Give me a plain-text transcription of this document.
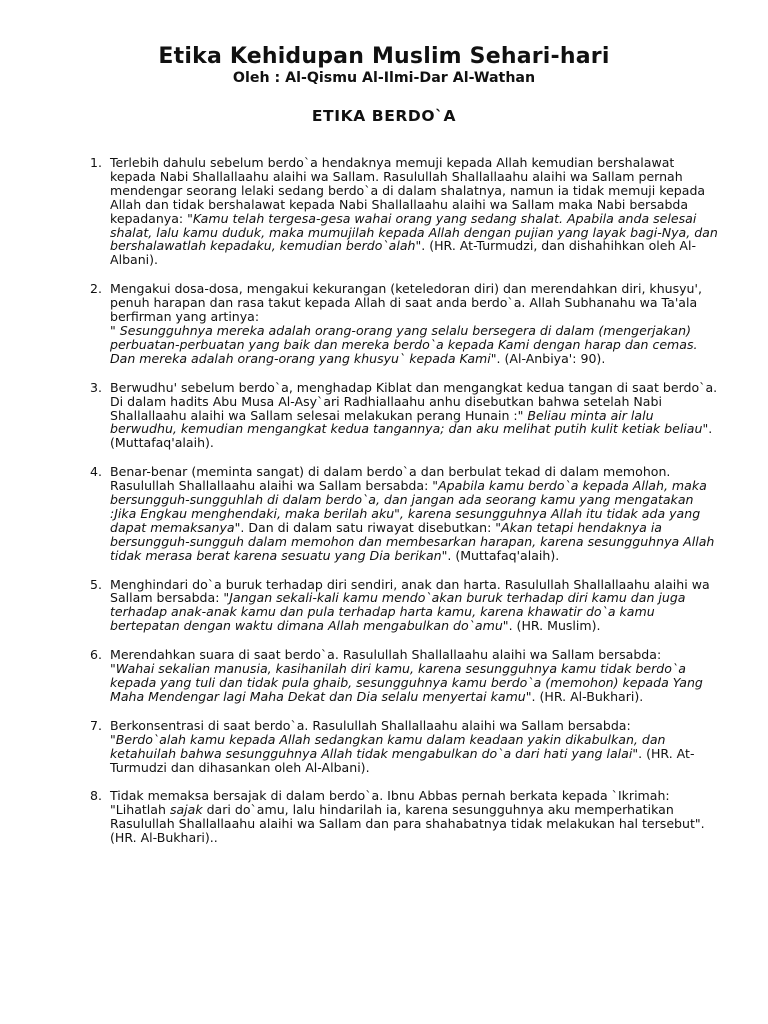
Etika Kehidupan Muslim Sehari-hari
Oleh : Al-Qismu Al-Ilmi-Dar Al-Wathan
ETIKA BERDO`A
1. Terlebih dahulu sebelum berdo`a hendaknya memuji kepada Allah kemudian bershalawat kepada Nabi Shallallaahu alaihi wa Sallam. Rasulullah Shallallaahu alaihi wa Sallam pernah mendengar seorang lelaki sedang berdo`a di dalam shalatnya, namun ia tidak memuji kepada Allah dan tidak bershalawat kepada Nabi Shallallaahu alaihi wa Sallam maka Nabi bersabda kepadanya: "Kamu telah tergesa-gesa wahai orang yang sedang shalat. Apabila anda selesai shalat, lalu kamu duduk, maka mumujilah kepada Allah dengan pujian yang layak bagi-Nya, dan bershalawatlah kepadaku, kemudian berdo`alah". (HR. At-Turmudzi, dan dishahihkan oleh Al-Albani).
2. Mengakui dosa-dosa, mengakui kekurangan (keteledoran diri) dan merendahkan diri, khusyu', penuh harapan dan rasa takut kepada Allah di saat anda berdo`a. Allah Subhanahu wa Ta'ala berfirman yang artinya:
" Sesungguhnya mereka adalah orang-orang yang selalu bersegera di dalam (mengerjakan) perbuatan-perbuatan yang baik dan mereka berdo`a kepada Kami dengan harap dan cemas. Dan mereka adalah orang-orang yang khusyu` kepada Kami". (Al-Anbiya': 90).
3. Berwudhu' sebelum berdo`a, menghadap Kiblat dan mengangkat kedua tangan di saat berdo`a. Di dalam hadits Abu Musa Al-Asy`ari Radhiallaahu anhu disebutkan bahwa setelah Nabi Shallallaahu alaihi wa Sallam selesai melakukan perang Hunain :" Beliau minta air lalu berwudhu, kemudian mengangkat kedua tangannya; dan aku melihat putih kulit ketiak beliau". (Muttafaq'alaih).
4. Benar-benar (meminta sangat) di dalam berdo`a dan berbulat tekad di dalam memohon. Rasulullah Shallallaahu alaihi wa Sallam bersabda: "Apabila kamu berdo`a kepada Allah, maka bersungguh-sungguhlah di dalam berdo`a, dan jangan ada seorang kamu yang mengatakan :Jika Engkau menghendaki, maka berilah aku", karena sesungguhnya Allah itu tidak ada yang dapat memaksanya". Dan di dalam satu riwayat disebutkan: "Akan tetapi hendaknya ia bersungguh-sungguh dalam memohon dan membesarkan harapan, karena sesungguhnya Allah tidak merasa berat karena sesuatu yang Dia berikan". (Muttafaq'alaih).
5. Menghindari do`a buruk terhadap diri sendiri, anak dan harta. Rasulullah Shallallaahu alaihi wa Sallam bersabda: "Jangan sekali-kali kamu mendo`akan buruk terhadap diri kamu dan juga terhadap anak-anak kamu dan pula terhadap harta kamu, karena khawatir do`a kamu bertepatan dengan waktu dimana Allah mengabulkan do`amu". (HR. Muslim).
6. Merendahkan suara di saat berdo`a. Rasulullah Shallallaahu alaihi wa Sallam bersabda:
"Wahai sekalian manusia, kasihanilah diri kamu, karena sesungguhnya kamu tidak berdo`a kepada yang tuli dan tidak pula ghaib, sesungguhnya kamu berdo`a (memohon) kepada Yang Maha Mendengar lagi Maha Dekat dan Dia selalu menyertai kamu". (HR. Al-Bukhari).
7. Berkonsentrasi di saat berdo`a. Rasulullah Shallallaahu alaihi wa Sallam bersabda:
"Berdo`alah kamu kepada Allah sedangkan kamu dalam keadaan yakin dikabulkan, dan ketahuilah bahwa sesungguhnya Allah tidak mengabulkan do`a dari hati yang lalai". (HR. At-Turmudzi dan dihasankan oleh Al-Albani).
8. Tidak memaksa bersajak di dalam berdo`a. Ibnu Abbas pernah berkata kepada `Ikrimah: "Lihatlah sajak dari do`amu, lalu hindarilah ia, karena sesungguhnya aku memperhatikan Rasulullah Shallallaahu alaihi wa Sallam dan para shahabatnya tidak melakukan hal tersebut".(HR. Al-Bukhari)..
